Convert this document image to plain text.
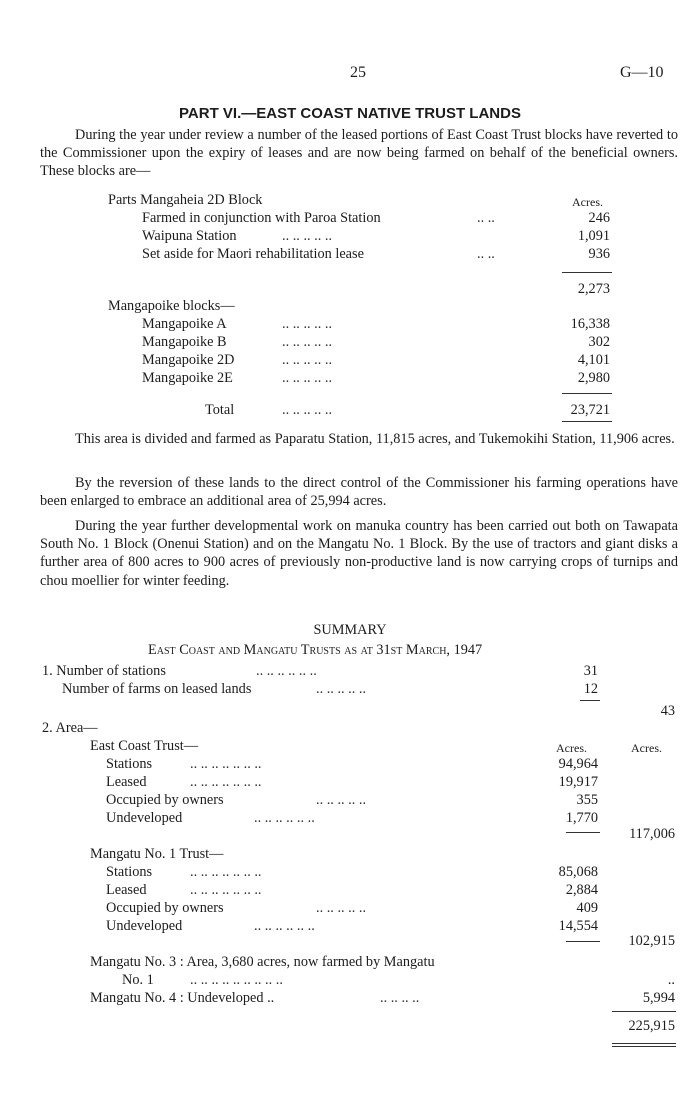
25	G—10
PART VI.—EAST COAST NATIVE TRUST LANDS
During the year under review a number of the leased portions of East Coast Trust blocks have reverted to the Commissioner upon the expiry of leases and are now being farmed on behalf of the beneficial owners. These blocks are—
Parts Mangaheia 2D Block	Acres.
Farmed in conjunction with Paroa Station	.. ..	246
Waipuna Station	.. .. .. .. ..	1,091
Set aside for Maori rehabilitation lease	.. ..	936
2,273
Mangapoike blocks—
Mangapoike A	.. .. .. .. ..	16,338
Mangapoike B	.. .. .. .. ..	302
Mangapoike 2D	.. .. .. .. ..	4,101
Mangapoike 2E	.. .. .. .. ..	2,980
Total	.. .. .. .. ..	23,721
This area is divided and farmed as Paparatu Station, 11,815 acres, and Tukemokihi Station, 11,906 acres.
By the reversion of these lands to the direct control of the Commissioner his farming operations have been enlarged to embrace an additional area of 25,994 acres.
During the year further developmental work on manuka country has been carried out both on Tawapata South No. 1 Block (Onenui Station) and on the Mangatu No. 1 Block. By the use of tractors and giant disks a further area of 800 acres to 900 acres of previously non-productive land is now carrying crops of turnips and chou moellier for winter feeding.
SUMMARY
East Coast and Mangatu Trusts as at 31st March, 1947
1. Number of stations	.. .. .. .. .. ..	31
Number of farms on leased lands	.. .. .. .. ..	12
43
2. Area—
East Coast Trust—	Acres.	Acres.
Stations	.. .. .. .. .. .. ..	94,964
Leased	.. .. .. .. .. .. ..	19,917
Occupied by owners	.. .. .. .. ..	355
Undeveloped	.. .. .. .. .. ..	1,770
117,006
Mangatu No. 1 Trust—
Stations	.. .. .. .. .. .. ..	85,068
Leased	.. .. .. .. .. .. ..	2,884
Occupied by owners	.. .. .. .. ..	409
Undeveloped	.. .. .. .. .. ..	14,554
102,915
Mangatu No. 3 : Area, 3,680 acres, now farmed by Mangatu
No. 1	.. .. .. .. .. .. .. .. ..	..
Mangatu No. 4 : Undeveloped ..	.. .. .. ..	5,994
225,915
